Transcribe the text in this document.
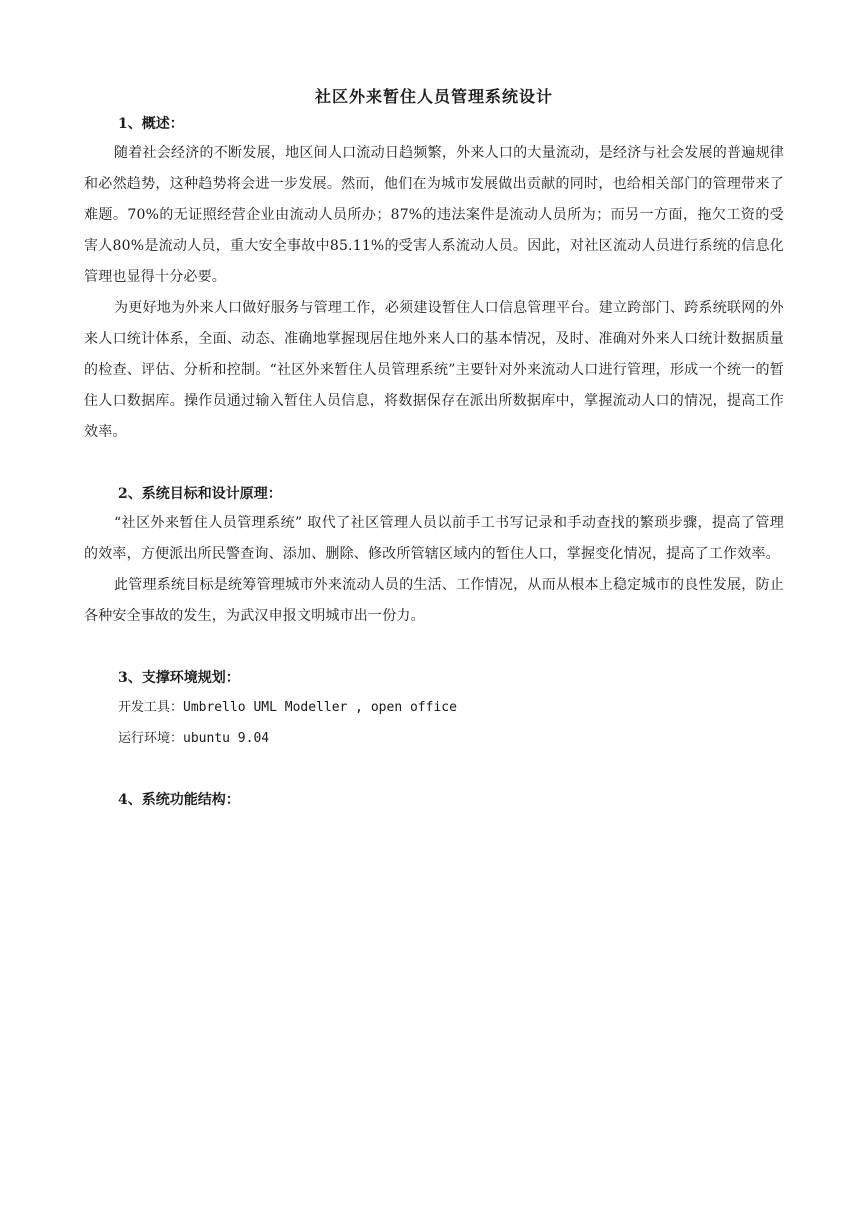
社区外来暂住人员管理系统设计
1、概述：

随着社会经济的不断发展，地区间人口流动日趋频繁，外来人口的大量流动，是经济与社会发展的普遍规律和必然趋势，这种趋势将会进一步发展。然而，他们在为城市发展做出贡献的同时，也给相关部门的管理带来了难题。70%的无证照经营企业由流动人员所办；87%的违法案件是流动人员所为；而另一方面，拖欠工资的受害人80%是流动人员，重大安全事故中85.11%的受害人系流动人员。因此，对社区流动人员进行系统的信息化管理也显得十分必要。

为更好地为外来人口做好服务与管理工作，必须建设暂住人口信息管理平台。建立跨部门、跨系统联网的外来人口统计体系，全面、动态、准确地掌握现居住地外来人口的基本情况，及时、准确对外来人口统计数据质量的检查、评估、分析和控制。“社区外来暂住人员管理系统”主要针对外来流动人口进行管理，形成一个统一的暂住人口数据库。操作员通过输入暂住人员信息，将数据保存在派出所数据库中，掌握流动人口的情况，提高工作效率。

2、系统目标和设计原理：

“社区外来暂住人员管理系统” 取代了社区管理人员以前手工书写记录和手动查找的繁琐步骤，提高了管理的效率，方便派出所民警查询、添加、删除、修改所管辖区域内的暂住人口，掌握变化情况，提高了工作效率。

此管理系统目标是统筹管理城市外来流动人员的生活、工作情况，从而从根本上稳定城市的良性发展，防止各种安全事故的发生，为武汉申报文明城市出一份力。

3、支撑环境规划：

开发工具：Umbrello UML Modeller , open office

运行环境：ubuntu 9.04

4、系统功能结构：
